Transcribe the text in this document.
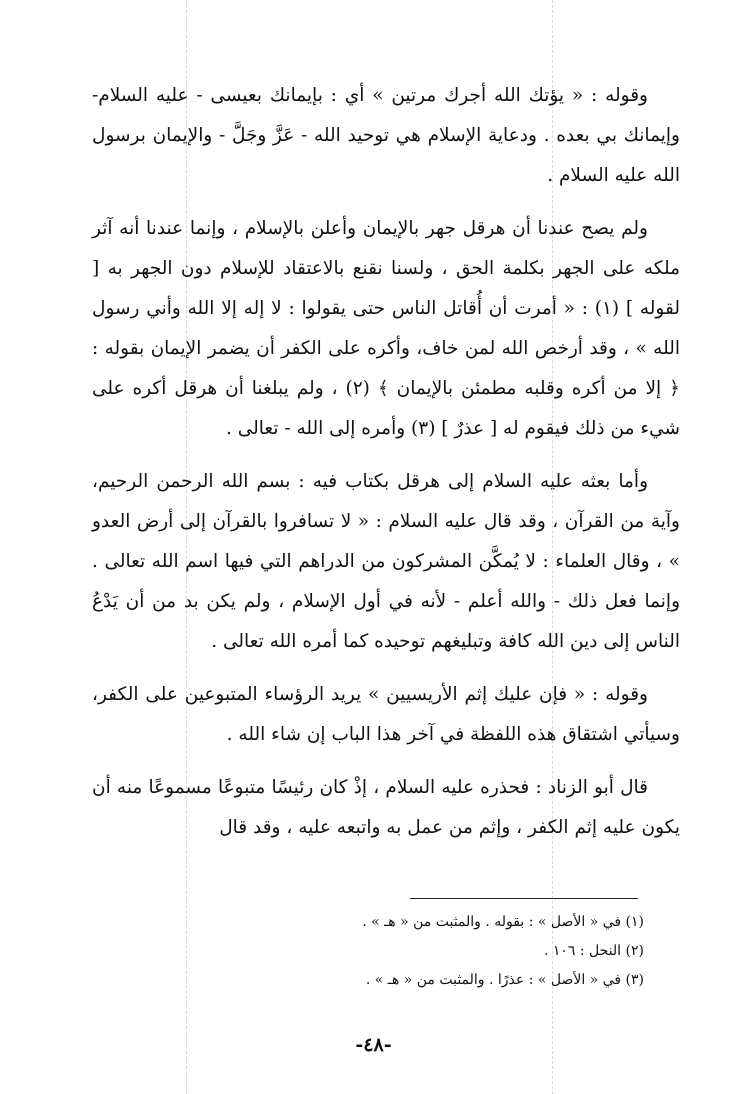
وقوله : « يؤتك الله أجرك مرتين » أي : بإيمانك بعيسى - عليه السلام- وإيمانك بي بعده . ودعاية الإسلام هي توحيد الله - عَزَّ وجَلَّ - والإيمان برسول الله عليه السلام .

ولم يصح عندنا أن هرقل جهر بالإيمان وأعلن بالإسلام ، وإنما عندنا أنه آثر ملكه على الجهر بكلمة الحق ، ولسنا نقنع بالاعتقاد للإسلام دون الجهر به [ لقوله ] (١) : « أمرت أن أُقاتل الناس حتى يقولوا : لا إله إلا الله وأني رسول الله » ، وقد أرخص الله لمن خاف، وأكره على الكفر أن يضمر الإيمان بقوله : ﴿ إلا من أكره وقلبه مطمئن بالإيمان ﴾ (٢) ، ولم يبلغنا أن هرقل أكره على شيء من ذلك فيقوم له [ عذرٌ ] (٣) وأمره إلى الله - تعالى .

وأما بعثه عليه السلام إلى هرقل بكتاب فيه : بسم الله الرحمن الرحيم، وآية من القرآن ، وقد قال عليه السلام : « لا تسافروا بالقرآن إلى أرض العدو » ، وقال العلماء : لا يُمكَّن المشركون من الدراهم التي فيها اسم الله تعالى . وإنما فعل ذلك - والله أعلم - لأنه في أول الإسلام ، ولم يكن بد من أن يَدْعُ الناس إلى دين الله كافة وتبليغهم توحيده كما أمره الله تعالى .

وقوله : « فإن عليك إثم الأريسيين » يريد الرؤساء المتبوعين على الكفر، وسيأتي اشتقاق هذه اللفظة في آخر هذا الباب إن شاء الله .

قال أبو الزناد : فحذره عليه السلام ، إذْ كان رئيسًا متبوعًا مسموعًا منه أن يكون عليه إثم الكفر ، وإثم من عمل به واتبعه عليه ، وقد قال

(١) في « الأصل » : بقوله . والمثبت من « هـ » .

(٢) النحل : ١٠٦ .

(٣) في « الأصل » : عذرًا . والمثبت من « هـ » .

-٤٨-
